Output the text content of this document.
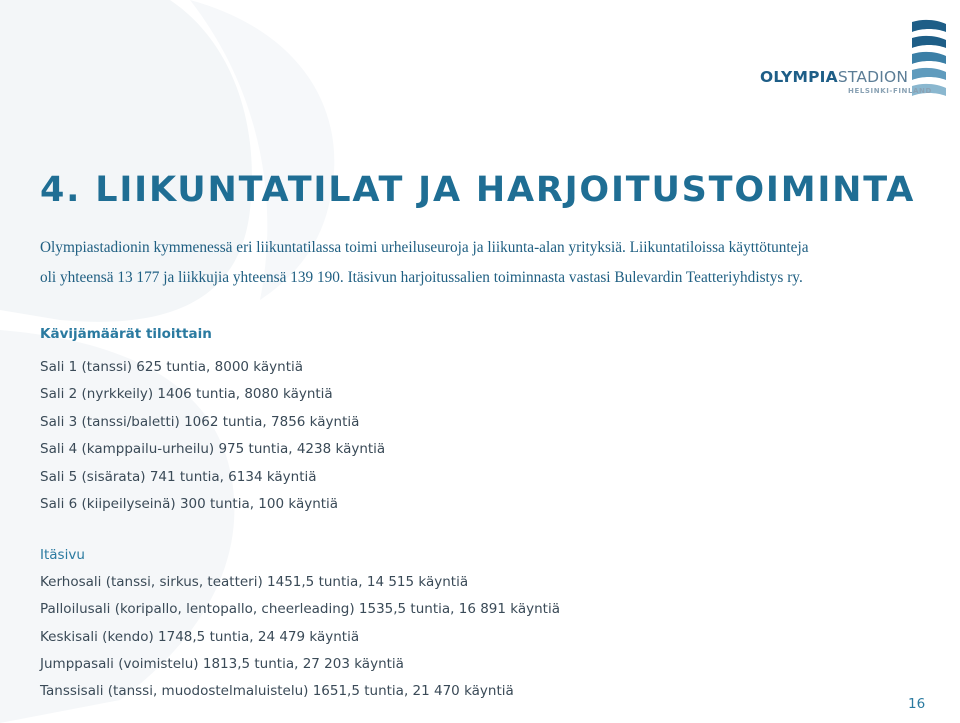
OLYMPIASTADION
HELSINKI-FINLAND
4. LIIKUNTATILAT JA HARJOITUSTOIMINTA

Olympiastadionin kymmenessä eri liikuntatilassa toimi urheiluseuroja ja liikunta-alan yrityksiä. Liikuntatiloissa käyttötunteja

oli yhteensä 13 177 ja liikkujia yhteensä 139 190. Itäsivun harjoitussalien toiminnasta vastasi Bulevardin Teatteriyhdistys ry.

Kävijämäärät tiloittain
Sali 1 (tanssi) 625 tuntia, 8000 käyntiä
Sali 2 (nyrkkeily) 1406 tuntia, 8080 käyntiä
Sali 3 (tanssi/baletti) 1062 tuntia, 7856 käyntiä
Sali 4 (kamppailu-urheilu) 975 tuntia, 4238 käyntiä
Sali 5 (sisärata) 741 tuntia, 6134 käyntiä
Sali 6 (kiipeilyseinä) 300 tuntia, 100 käyntiä
Itäsivu
Kerhosali (tanssi, sirkus, teatteri) 1451,5 tuntia, 14 515 käyntiä
Palloilusali (koripallo, lentopallo, cheerleading) 1535,5 tuntia, 16 891 käyntiä
Keskisali (kendo) 1748,5 tuntia, 24 479 käyntiä
Jumppasali (voimistelu) 1813,5 tuntia, 27 203 käyntiä
Tanssisali (tanssi, muodostelmaluistelu) 1651,5 tuntia, 21 470 käyntiä
16
